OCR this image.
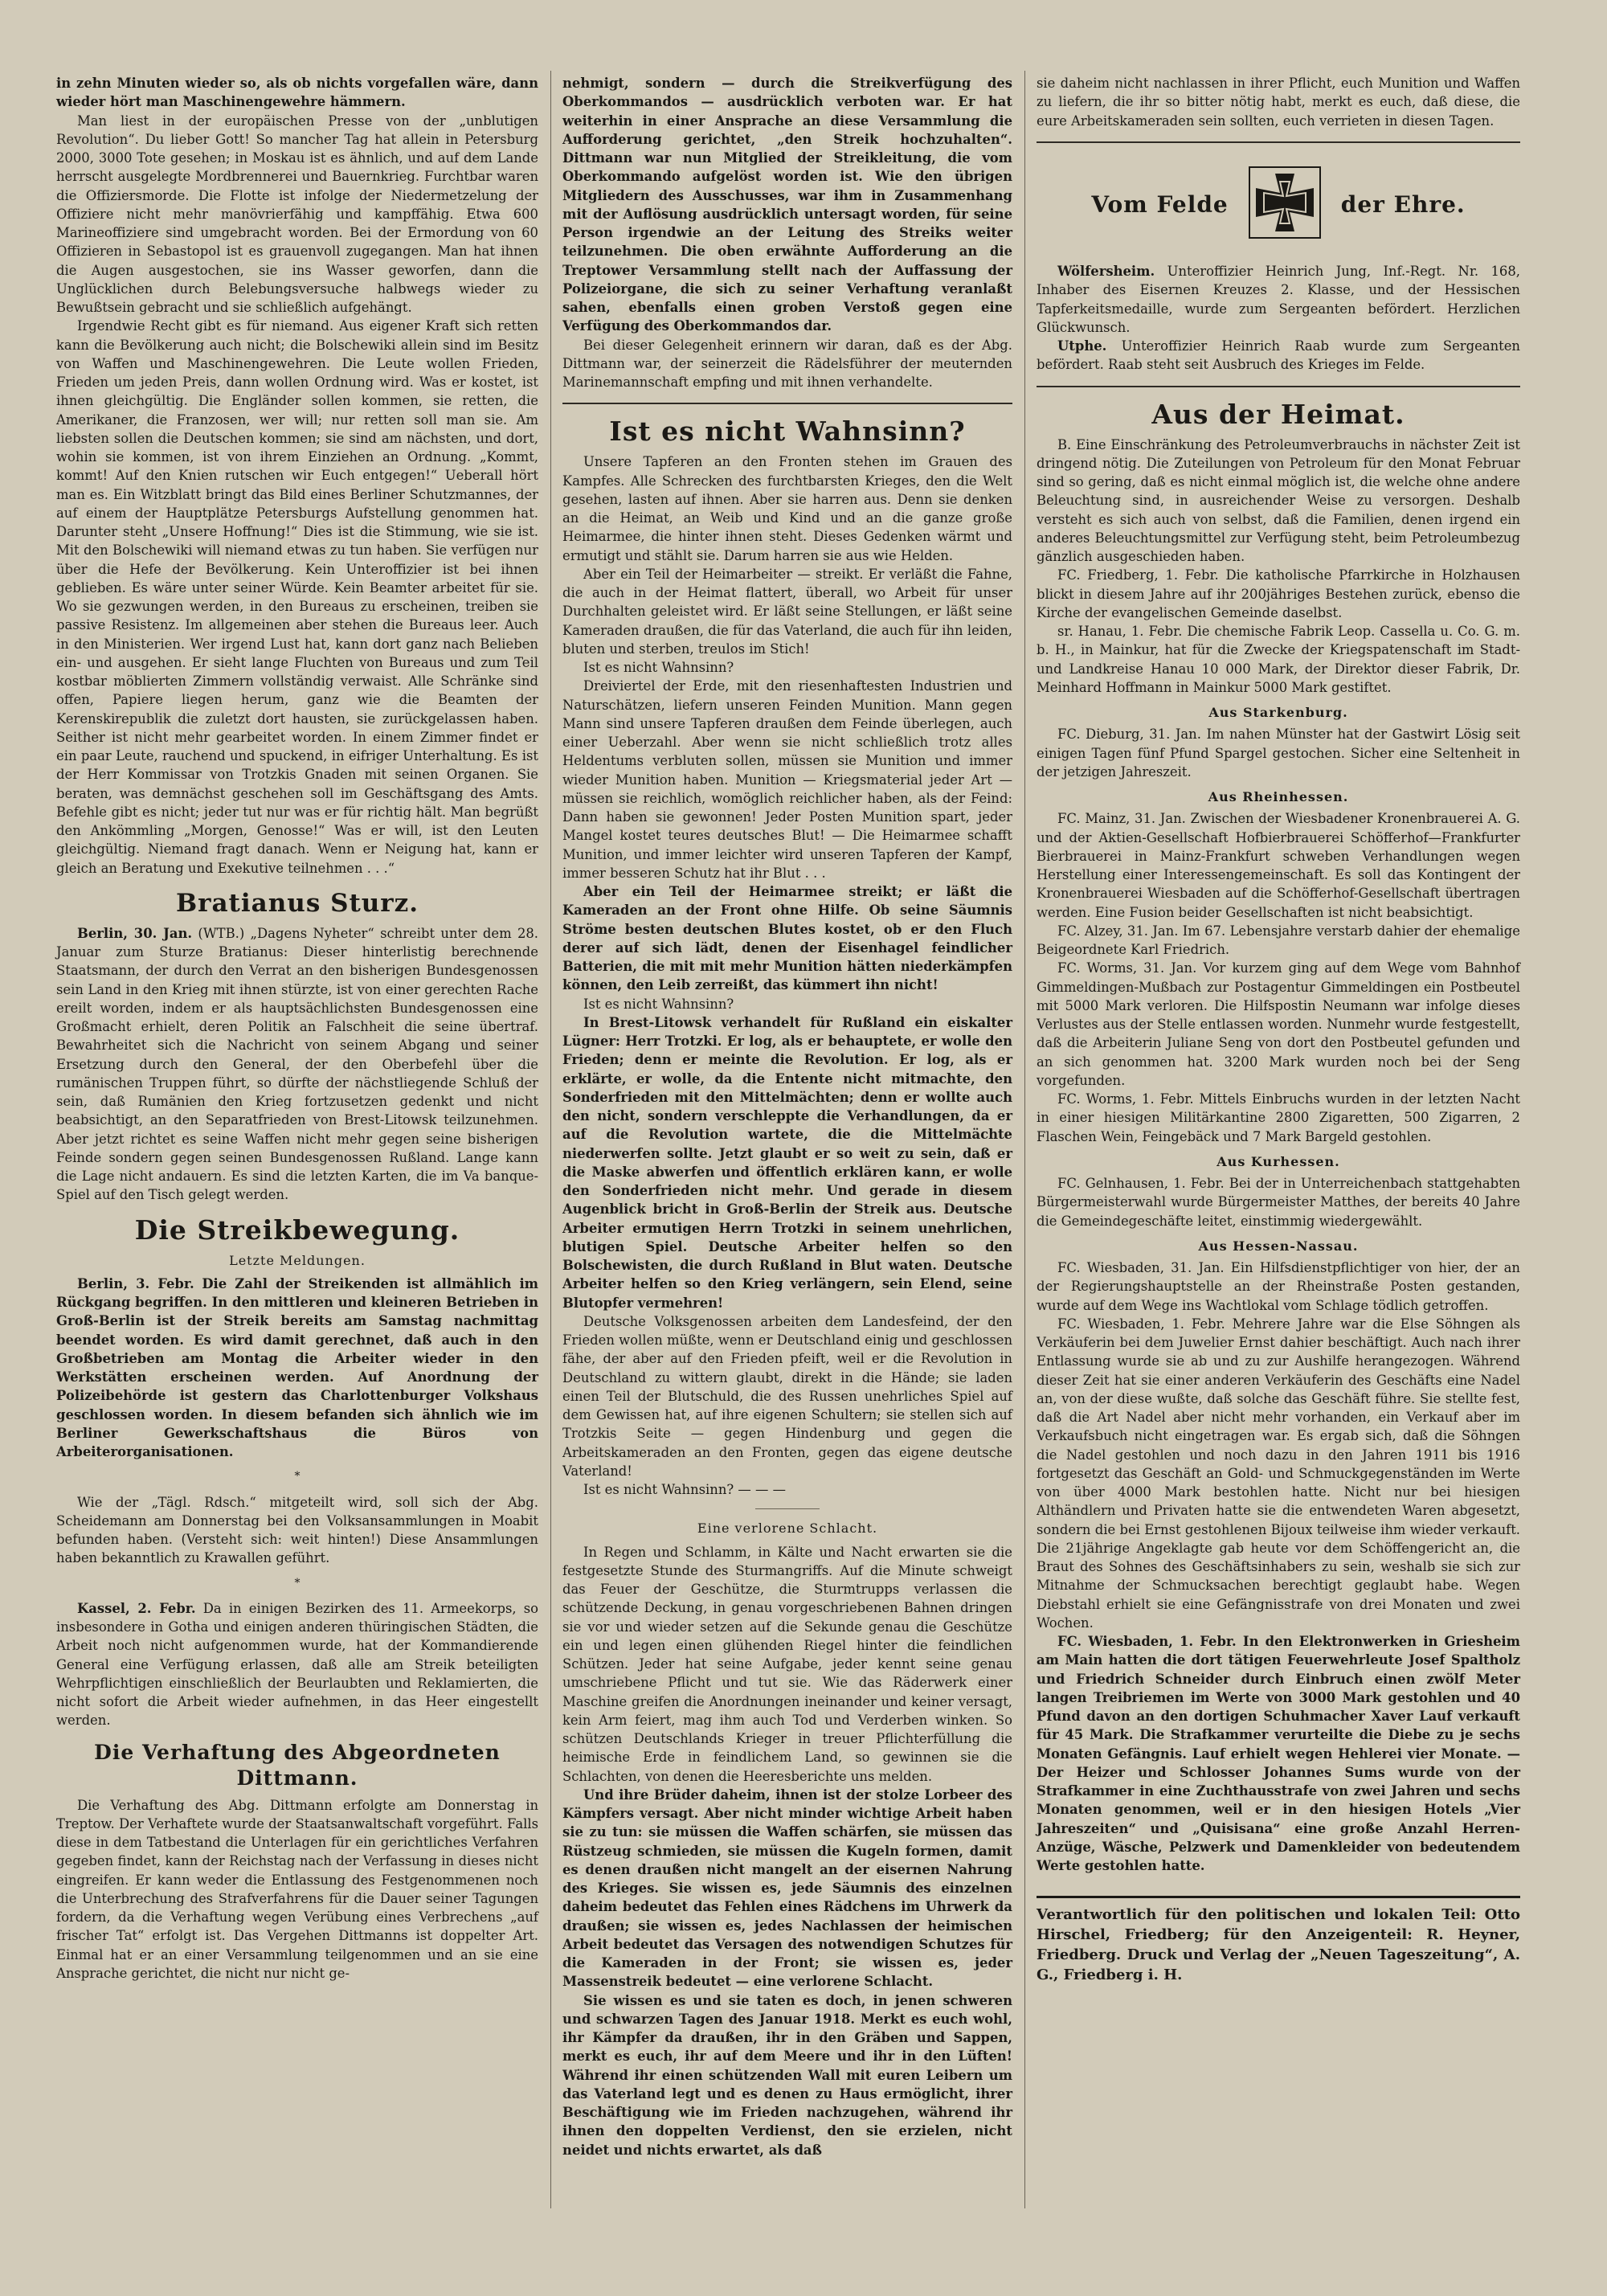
in zehn Minuten wieder so, als ob nichts vorgefallen wäre, dann wieder hört man Maschinengewehre hämmern.

Man liest in der europäischen Presse von der „unblutigen Revolution“. Du lieber Gott! So mancher Tag hat allein in Petersburg 2000, 3000 Tote gesehen; in Moskau ist es ähnlich, und auf dem Lande herrscht ausgelegte Mordbrennerei und Bauernkrieg. Furchtbar waren die Offiziersmorde. Die Flotte ist infolge der Niedermetzelung der Offiziere nicht mehr manövrierfähig und kampffähig. Etwa 600 Marineoffiziere sind umgebracht worden. Bei der Ermordung von 60 Offizieren in Sebastopol ist es grauenvoll zugegangen. Man hat ihnen die Augen ausgestochen, sie ins Wasser geworfen, dann die Unglücklichen durch Belebungsversuche halbwegs wieder zu Bewußtsein gebracht und sie schließlich aufgehängt.

Irgendwie Recht gibt es für niemand. Aus eigener Kraft sich retten kann die Bevölkerung auch nicht; die Bolschewiki allein sind im Besitz von Waffen und Maschinengewehren. Die Leute wollen Frieden, Frieden um jeden Preis, dann wollen Ordnung wird. Was er kostet, ist ihnen gleichgültig. Die Engländer sollen kommen, sie retten, die Amerikaner, die Franzosen, wer will; nur retten soll man sie. Am liebsten sollen die Deutschen kommen; sie sind am nächsten, und dort, wohin sie kommen, ist von ihrem Einziehen an Ordnung. „Kommt, kommt! Auf den Knien rutschen wir Euch entgegen!“ Ueberall hört man es. Ein Witzblatt bringt das Bild eines Berliner Schutzmannes, der auf einem der Hauptplätze Petersburgs Aufstellung genommen hat. Darunter steht „Unsere Hoffnung!“ Dies ist die Stimmung, wie sie ist. Mit den Bolschewiki will niemand etwas zu tun haben. Sie verfügen nur über die Hefe der Bevölkerung. Kein Unteroffizier ist bei ihnen geblieben. Es wäre unter seiner Würde. Kein Beamter arbeitet für sie. Wo sie gezwungen werden, in den Bureaus zu erscheinen, treiben sie passive Resistenz. Im allgemeinen aber stehen die Bureaus leer. Auch in den Ministerien. Wer irgend Lust hat, kann dort ganz nach Belieben ein- und ausgehen. Er sieht lange Fluchten von Bureaus und zum Teil kostbar möblierten Zimmern vollständig verwaist. Alle Schränke sind offen, Papiere liegen herum, ganz wie die Beamten der Kerenskirepublik die zuletzt dort hausten, sie zurückgelassen haben. Seither ist nicht mehr gearbeitet worden. In einem Zimmer findet er ein paar Leute, rauchend und spuckend, in eifriger Unterhaltung. Es ist der Herr Kommissar von Trotzkis Gnaden mit seinen Organen. Sie beraten, was demnächst geschehen soll im Geschäftsgang des Amts. Befehle gibt es nicht; jeder tut nur was er für richtig hält. Man begrüßt den Ankömmling „Morgen, Genosse!“ Was er will, ist den Leuten gleichgültig. Niemand fragt danach. Wenn er Neigung hat, kann er gleich an Beratung und Exekutive teilnehmen . . .“

Bratianus Sturz.

Berlin, 30. Jan. (WTB.) „Dagens Nyheter“ schreibt unter dem 28. Januar zum Sturze Bratianus: Dieser hinterlistig berechnende Staatsmann, der durch den Verrat an den bisherigen Bundesgenossen sein Land in den Krieg mit ihnen stürzte, ist von einer gerechten Rache ereilt worden, indem er als hauptsächlichsten Bundesgenossen eine Großmacht erhielt, deren Politik an Falschheit die seine übertraf. Bewahrheitet sich die Nachricht von seinem Abgang und seiner Ersetzung durch den General, der den Oberbefehl über die rumänischen Truppen führt, so dürfte der nächstliegende Schluß der sein, daß Rumänien den Krieg fortzusetzen gedenkt und nicht beabsichtigt, an den Separatfrieden von Brest-Litowsk teilzunehmen. Aber jetzt richtet es seine Waffen nicht mehr gegen seine bisherigen Feinde sondern gegen seinen Bundesgenossen Rußland. Lange kann die Lage nicht andauern. Es sind die letzten Karten, die im Va banque-Spiel auf den Tisch gelegt werden.

Die Streikbewegung.
Letzte Meldungen.

Berlin, 3. Febr. Die Zahl der Streikenden ist allmählich im Rückgang begriffen. In den mittleren und kleineren Betrieben in Groß-Berlin ist der Streik bereits am Samstag nachmittag beendet worden. Es wird damit gerechnet, daß auch in den Großbetrieben am Montag die Arbeiter wieder in den Werkstätten erscheinen werden. Auf Anordnung der Polizeibehörde ist gestern das Charlottenburger Volkshaus geschlossen worden. In diesem befanden sich ähnlich wie im Berliner Gewerkschaftshaus die Büros von Arbeiterorganisationen.

*

Wie der „Tägl. Rdsch.“ mitgeteilt wird, soll sich der Abg. Scheidemann am Donnerstag bei den Volksansammlungen in Moabit befunden haben. (Versteht sich: weit hinten!) Diese Ansammlungen haben bekanntlich zu Krawallen geführt.

*

Kassel, 2. Febr. Da in einigen Bezirken des 11. Armeekorps, so insbesondere in Gotha und einigen anderen thüringischen Städten, die Arbeit noch nicht aufgenommen wurde, hat der Kommandierende General eine Verfügung erlassen, daß alle am Streik beteiligten Wehrpflichtigen einschließlich der Beurlaubten und Reklamierten, die nicht sofort die Arbeit wieder aufnehmen, in das Heer eingestellt werden.

Die Verhaftung des Abgeordneten Dittmann.

Die Verhaftung des Abg. Dittmann erfolgte am Donnerstag in Treptow. Der Verhaftete wurde der Staatsanwaltschaft vorgeführt. Falls diese in dem Tatbestand die Unterlagen für ein gerichtliches Verfahren gegeben findet, kann der Reichstag nach der Verfassung in dieses nicht eingreifen. Er kann weder die Entlassung des Festgenommenen noch die Unterbrechung des Strafverfahrens für die Dauer seiner Tagungen fordern, da die Verhaftung wegen Verübung eines Verbrechens „auf frischer Tat“ erfolgt ist. Das Vergehen Dittmanns ist doppelter Art. Einmal hat er an einer Versammlung teilgenommen und an sie eine Ansprache gerichtet, die nicht nur nicht ge-

nehmigt, sondern — durch die Streikverfügung des Oberkommandos — ausdrücklich verboten war. Er hat weiterhin in einer Ansprache an diese Versammlung die Aufforderung gerichtet, „den Streik hochzuhalten“. Dittmann war nun Mitglied der Streikleitung, die vom Oberkommando aufgelöst worden ist. Wie den übrigen Mitgliedern des Ausschusses, war ihm in Zusammenhang mit der Auflösung ausdrücklich untersagt worden, für seine Person irgendwie an der Leitung des Streiks weiter teilzunehmen. Die oben erwähnte Aufforderung an die Treptower Versammlung stellt nach der Auffassung der Polizeiorgane, die sich zu seiner Verhaftung veranlaßt sahen, ebenfalls einen groben Verstoß gegen eine Verfügung des Oberkommandos dar.

Bei dieser Gelegenheit erinnern wir daran, daß es der Abg. Dittmann war, der seinerzeit die Rädelsführer der meuternden Marinemannschaft empfing und mit ihnen verhandelte.

Ist es nicht Wahnsinn?

Unsere Tapferen an den Fronten stehen im Grauen des Kampfes. Alle Schrecken des furchtbarsten Krieges, den die Welt gesehen, lasten auf ihnen. Aber sie harren aus. Denn sie denken an die Heimat, an Weib und Kind und an die ganze große Heimarmee, die hinter ihnen steht. Dieses Gedenken wärmt und ermutigt und stählt sie. Darum harren sie aus wie Helden.

Aber ein Teil der Heimarbeiter — streikt. Er verläßt die Fahne, die auch in der Heimat flattert, überall, wo Arbeit für unser Durchhalten geleistet wird. Er läßt seine Stellungen, er läßt seine Kameraden draußen, die für das Vaterland, die auch für ihn leiden, bluten und sterben, treulos im Stich!

Ist es nicht Wahnsinn?

Dreiviertel der Erde, mit den riesenhaftesten Industrien und Naturschätzen, liefern unseren Feinden Munition. Mann gegen Mann sind unsere Tapferen draußen dem Feinde überlegen, auch einer Ueberzahl. Aber wenn sie nicht schließlich trotz alles Heldentums verbluten sollen, müssen sie Munition und immer wieder Munition haben. Munition — Kriegsmaterial jeder Art — müssen sie reichlich, womöglich reichlicher haben, als der Feind: Dann haben sie gewonnen! Jeder Posten Munition spart, jeder Mangel kostet teures deutsches Blut! — Die Heimarmee schafft Munition, und immer leichter wird unseren Tapferen der Kampf, immer besseren Schutz hat ihr Blut . . .

Aber ein Teil der Heimarmee streikt; er läßt die Kameraden an der Front ohne Hilfe. Ob seine Säumnis Ströme besten deutschen Blutes kostet, ob er den Fluch derer auf sich lädt, denen der Eisenhagel feindlicher Batterien, die mit mit mehr Munition hätten niederkämpfen können, den Leib zerreißt, das kümmert ihn nicht!

Ist es nicht Wahnsinn?

In Brest-Litowsk verhandelt für Rußland ein eiskalter Lügner: Herr Trotzki. Er log, als er behauptete, er wolle den Frieden; denn er meinte die Revolution. Er log, als er erklärte, er wolle, da die Entente nicht mitmachte, den Sonderfrieden mit den Mittelmächten; denn er wollte auch den nicht, sondern verschleppte die Verhandlungen, da er auf die Revolution wartete, die die Mittelmächte niederwerfen sollte. Jetzt glaubt er so weit zu sein, daß er die Maske abwerfen und öffentlich erklären kann, er wolle den Sonderfrieden nicht mehr. Und gerade in diesem Augenblick bricht in Groß-Berlin der Streik aus. Deutsche Arbeiter ermutigen Herrn Trotzki in seinem unehrlichen, blutigen Spiel. Deutsche Arbeiter helfen so den Bolschewisten, die durch Rußland in Blut waten. Deutsche Arbeiter helfen so den Krieg verlängern, sein Elend, seine Blutopfer vermehren!

Deutsche Volksgenossen arbeiten dem Landesfeind, der den Frieden wollen müßte, wenn er Deutschland einig und geschlossen fähe, der aber auf den Frieden pfeift, weil er die Revolution in Deutschland zu wittern glaubt, direkt in die Hände; sie laden einen Teil der Blutschuld, die des Russen unehrliches Spiel auf dem Gewissen hat, auf ihre eigenen Schultern; sie stellen sich auf Trotzkis Seite — gegen Hindenburg und gegen die Arbeitskameraden an den Fronten, gegen das eigene deutsche Vaterland!

Ist es nicht Wahnsinn? — — —

Eine verlorene Schlacht.

In Regen und Schlamm, in Kälte und Nacht erwarten sie die festgesetzte Stunde des Sturmangriffs. Auf die Minute schweigt das Feuer der Geschütze, die Sturmtrupps verlassen die schützende Deckung, in genau vorgeschriebenen Bahnen dringen sie vor und wieder setzen auf die Sekunde genau die Geschütze ein und legen einen glühenden Riegel hinter die feindlichen Schützen. Jeder hat seine Aufgabe, jeder kennt seine genau umschriebene Pflicht und tut sie. Wie das Räderwerk einer Maschine greifen die Anordnungen ineinander und keiner versagt, kein Arm feiert, mag ihm auch Tod und Verderben winken. So schützen Deutschlands Krieger in treuer Pflichterfüllung die heimische Erde in feindlichem Land, so gewinnen sie die Schlachten, von denen die Heeresberichte uns melden.

Und ihre Brüder daheim, ihnen ist der stolze Lorbeer des Kämpfers versagt. Aber nicht minder wichtige Arbeit haben sie zu tun: sie müssen die Waffen schärfen, sie müssen das Rüstzeug schmieden, sie müssen die Kugeln formen, damit es denen draußen nicht mangelt an der eisernen Nahrung des Krieges. Sie wissen es, jede Säumnis des einzelnen daheim bedeutet das Fehlen eines Rädchens im Uhrwerk da draußen; sie wissen es, jedes Nachlassen der heimischen Arbeit bedeutet das Versagen des notwendigen Schutzes für die Kameraden in der Front; sie wissen es, jeder Massenstreik bedeutet — eine verlorene Schlacht.

Sie wissen es und sie taten es doch, in jenen schweren und schwarzen Tagen des Januar 1918. Merkt es euch wohl, ihr Kämpfer da draußen, ihr in den Gräben und Sappen, merkt es euch, ihr auf dem Meere und ihr in den Lüften! Während ihr einen schützenden Wall mit euren Leibern um das Vaterland legt und es denen zu Haus ermöglicht, ihrer Beschäftigung wie im Frieden nachzugehen, während ihr ihnen den doppelten Verdienst, den sie erzielen, nicht neidet und nichts erwartet, als daß

sie daheim nicht nachlassen in ihrer Pflicht, euch Munition und Waffen zu liefern, die ihr so bitter nötig habt, merkt es euch, daß diese, die eure Arbeitskameraden sein sollten, euch verrieten in diesen Tagen.

Vom Felde	der Ehre.

Wölfersheim. Unteroffizier Heinrich Jung, Inf.-Regt. Nr. 168, Inhaber des Eisernen Kreuzes 2. Klasse, und der Hessischen Tapferkeitsmedaille, wurde zum Sergeanten befördert. Herzlichen Glückwunsch.

Utphe. Unteroffizier Heinrich Raab wurde zum Sergeanten befördert. Raab steht seit Ausbruch des Krieges im Felde.

Aus der Heimat.

B. Eine Einschränkung des Petroleumverbrauchs in nächster Zeit ist dringend nötig. Die Zuteilungen von Petroleum für den Monat Februar sind so gering, daß es nicht einmal möglich ist, die welche ohne andere Beleuchtung sind, in ausreichender Weise zu versorgen. Deshalb versteht es sich auch von selbst, daß die Familien, denen irgend ein anderes Beleuchtungsmittel zur Verfügung steht, beim Petroleumbezug gänzlich ausgeschieden haben.

FC. Friedberg, 1. Febr. Die katholische Pfarrkirche in Holzhausen blickt in diesem Jahre auf ihr 200jähriges Bestehen zurück, ebenso die Kirche der evangelischen Gemeinde daselbst.

sr. Hanau, 1. Febr. Die chemische Fabrik Leop. Cassella u. Co. G. m. b. H., in Mainkur, hat für die Zwecke der Kriegspatenschaft im Stadt- und Landkreise Hanau 10 000 Mark, der Direktor dieser Fabrik, Dr. Meinhard Hoffmann in Mainkur 5000 Mark gestiftet.

Aus Starkenburg.

FC. Dieburg, 31. Jan. Im nahen Münster hat der Gastwirt Lösig seit einigen Tagen fünf Pfund Spargel gestochen. Sicher eine Seltenheit in der jetzigen Jahreszeit.

Aus Rheinhessen.

FC. Mainz, 31. Jan. Zwischen der Wiesbadener Kronenbrauerei A. G. und der Aktien-Gesellschaft Hofbierbrauerei Schöfferhof—Frankfurter Bierbrauerei in Mainz-Frankfurt schweben Verhandlungen wegen Herstellung einer Interessengemeinschaft. Es soll das Kontingent der Kronenbrauerei Wiesbaden auf die Schöfferhof-Gesellschaft übertragen werden. Eine Fusion beider Gesellschaften ist nicht beabsichtigt.

FC. Alzey, 31. Jan. Im 67. Lebensjahre verstarb dahier der ehemalige Beigeordnete Karl Friedrich.

FC. Worms, 31. Jan. Vor kurzem ging auf dem Wege vom Bahnhof Gimmeldingen-Mußbach zur Postagentur Gimmeldingen ein Postbeutel mit 5000 Mark verloren. Die Hilfspostin Neumann war infolge dieses Verlustes aus der Stelle entlassen worden. Nunmehr wurde festgestellt, daß die Arbeiterin Juliane Seng von dort den Postbeutel gefunden und an sich genommen hat. 3200 Mark wurden noch bei der Seng vorgefunden.

FC. Worms, 1. Febr. Mittels Einbruchs wurden in der letzten Nacht in einer hiesigen Militärkantine 2800 Zigaretten, 500 Zigarren, 2 Flaschen Wein, Feingebäck und 7 Mark Bargeld gestohlen.

Aus Kurhessen.

FC. Gelnhausen, 1. Febr. Bei der in Unterreichenbach stattgehabten Bürgermeisterwahl wurde Bürgermeister Matthes, der bereits 40 Jahre die Gemeindegeschäfte leitet, einstimmig wiedergewählt.

Aus Hessen-Nassau.

FC. Wiesbaden, 31. Jan. Ein Hilfsdienstpflichtiger von hier, der an der Regierungshauptstelle an der Rheinstraße Posten gestanden, wurde auf dem Wege ins Wachtlokal vom Schlage tödlich getroffen.

FC. Wiesbaden, 1. Febr. Mehrere Jahre war die Else Söhngen als Verkäuferin bei dem Juwelier Ernst dahier beschäftigt. Auch nach ihrer Entlassung wurde sie ab und zu zur Aushilfe herangezogen. Während dieser Zeit hat sie einer anderen Verkäuferin des Geschäfts eine Nadel an, von der diese wußte, daß solche das Geschäft führe. Sie stellte fest, daß die Art Nadel aber nicht mehr vorhanden, ein Verkauf aber im Verkaufsbuch nicht eingetragen war. Es ergab sich, daß die Söhngen die Nadel gestohlen und noch dazu in den Jahren 1911 bis 1916 fortgesetzt das Geschäft an Gold- und Schmuckgegenständen im Werte von über 4000 Mark bestohlen hatte. Nicht nur bei hiesigen Althändlern und Privaten hatte sie die entwendeten Waren abgesetzt, sondern die bei Ernst gestohlenen Bijoux teilweise ihm wieder verkauft. Die 21jährige Angeklagte gab heute vor dem Schöffengericht an, die Braut des Sohnes des Geschäftsinhabers zu sein, weshalb sie sich zur Mitnahme der Schmucksachen berechtigt geglaubt habe. Wegen Diebstahl erhielt sie eine Gefängnisstrafe von drei Monaten und zwei Wochen.

FC. Wiesbaden, 1. Febr. In den Elektronwerken in Griesheim am Main hatten die dort tätigen Feuerwehrleute Josef Spaltholz und Friedrich Schneider durch Einbruch einen zwölf Meter langen Treibriemen im Werte von 3000 Mark gestohlen und 40 Pfund davon an den dortigen Schuhmacher Xaver Lauf verkauft für 45 Mark. Die Strafkammer verurteilte die Diebe zu je sechs Monaten Gefängnis. Lauf erhielt wegen Hehlerei vier Monate. — Der Heizer und Schlosser Johannes Sums wurde von der Strafkammer in eine Zuchthausstrafe von zwei Jahren und sechs Monaten genommen, weil er in den hiesigen Hotels „Vier Jahreszeiten“ und „Quisisana“ eine große Anzahl Herren-Anzüge, Wäsche, Pelzwerk und Damenkleider von bedeutendem Werte gestohlen hatte.

Verantwortlich für den politischen und lokalen Teil: Otto Hirschel, Friedberg; für den Anzeigenteil: R. Heyner, Friedberg. Druck und Verlag der „Neuen Tageszeitung“, A. G., Friedberg i. H.
